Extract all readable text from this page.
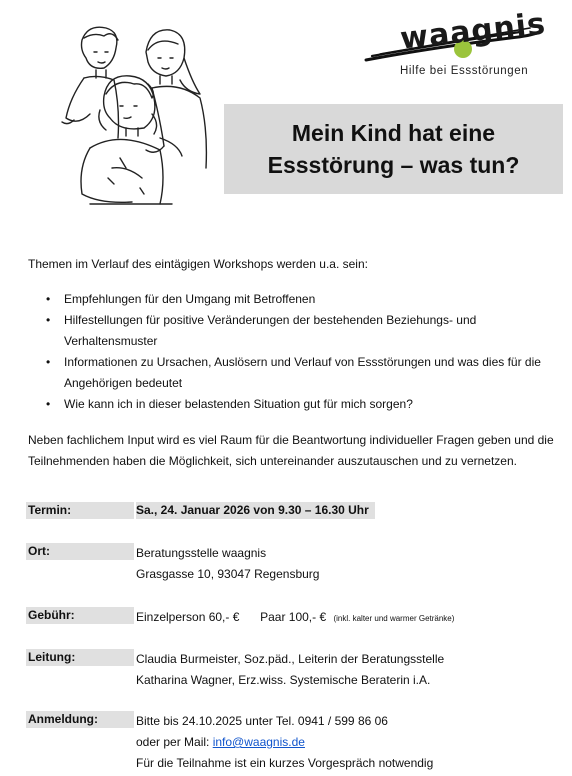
waagnis
Hilfe bei Essstörungen
Mein Kind hat eine
Essstörung – was tun?

Themen im Verlauf des eintägigen Workshops werden u.a. sein:

• Empfehlungen für den Umgang mit Betroffenen
• Hilfestellungen für positive Veränderungen der bestehenden Beziehungs- und Verhaltensmuster
• Informationen zu Ursachen, Auslösern und Verlauf von Essstörungen und was dies für die Angehörigen bedeutet
• Wie kann ich in dieser belastenden Situation gut für mich sorgen?

Neben fachlichem Input wird es viel Raum für die Beantwortung individueller Fragen geben und die Teilnehmenden haben die Möglichkeit, sich untereinander auszutauschen und zu vernetzen.

Termin:	Sa., 24. Januar 2026 von 9.30 – 16.30 Uhr
Ort:	Beratungsstelle waagnis
Grasgasse 10, 93047 Regensburg
Gebühr:	Einzelperson 60,- € Paar 100,- € (inkl. kalter und warmer Getränke)
Leitung:	Claudia Burmeister, Soz.päd., Leiterin der Beratungsstelle
Katharina Wagner, Erz.wiss. Systemische Beraterin i.A.
Anmeldung:	Bitte bis 24.10.2025 unter Tel. 0941 / 599 86 06
oder per Mail: info@waagnis.de
Für die Teilnahme ist ein kurzes Vorgespräch notwendig
